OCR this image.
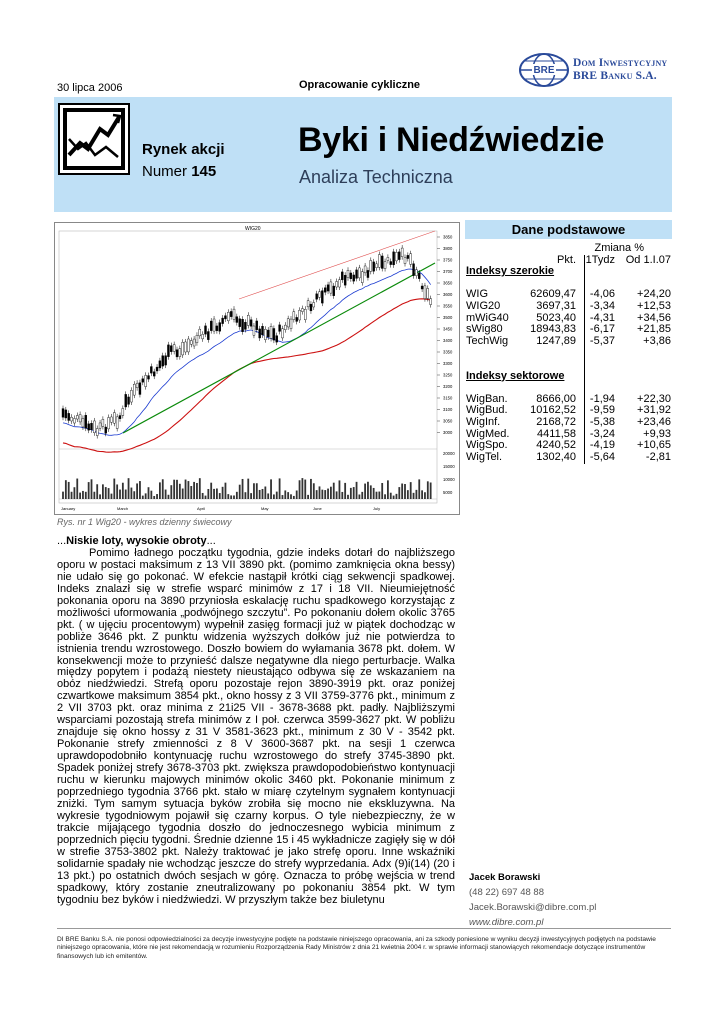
30 lipca 2006	Opracowanie cykliczne
BRE
Dom Inwestycyjny
BRE Banku S.A.
Rynek akcji
Numer 145
Byki i Niedźwiedzie
Analiza Techniczna
WIG20
3850
3800
3750
3700
3650
3600
3550
3500
3450
3400
3350
3300
3250
3200
3150
3100
3050
3000
20000
15000
10000
5000
January	March	April	May	June	July
Rys. nr 1 Wig20 - wykres dzienny świecowy
Dane podstawowe
Zmiana %
Pkt. 1Tydz Od 1.I.07
Indeksy szerokie
WIG	62609,47 -4,06 +24,20
WIG20	3697,31 -3,34 +12,53
mWiG40 5023,40 -4,31 +34,56
sWig80 18943,83 -6,17 +21,85
TechWig	1247,89 -5,37	+3,86
Indeksy sektorowe
WigBan.	8666,00 -1,94 +22,30
WigBud. 10162,52 -9,59 +31,92
WigInf.	2168,72 -5,38 +23,46
WigMed.	4411,58 -3,24	+9,93
WigSpo.	4240,52 -4,19 +10,65
WigTel.	1302,40 -5,64	-2,81
...Niskie loty, wysokie obroty...

Pomimo ładnego początku tygodnia, gdzie indeks dotarł do najbliższego oporu w postaci maksimum z 13 VII 3890 pkt. (pomimo zamknięcia okna bessy) nie udało się go pokonać. W efekcie nastąpił krótki ciąg sekwencji spadkowej. Indeks znalazł się w strefie wsparć minimów z 17 i 18 VII. Nieumiejętność pokonania oporu na 3890 przyniosła eskalację ruchu spadkowego korzystając z możliwości uformowania „podwójnego szczytu”. Po pokonaniu dołem okolic 3765 pkt. ( w ujęciu procentowym) wypełnił zasięg formacji już w piątek dochodząc w pobliże 3646 pkt. Z punktu widzenia wyższych dołków już nie potwierdza to istnienia trendu wzrostowego. Doszło bowiem do wyłamania 3678 pkt. dołem. W konsekwencji może to przynieść dalsze negatywne dla niego perturbacje. Walka między popytem i podażą niestety nieustająco odbywa się ze wskazaniem na obóz niedźwiedzi. Strefą oporu pozostaje rejon 3890-3919 pkt. oraz poniżej czwartkowe maksimum 3854 pkt., okno hossy z 3 VII 3759-3776 pkt., minimum z 2 VII 3703 pkt. oraz minima z 21i25 VII - 3678-3688 pkt. padły. Najbliższymi wsparciami pozostają strefa minimów z I poł. czerwca 3599-3627 pkt. W pobliżu znajduje się okno hossy z 31 V 3581-3623 pkt., minimum z 30 V - 3542 pkt. Pokonanie strefy zmienności z 8 V 3600-3687 pkt. na sesji 1 czerwca uprawdopodobniło kontynuację ruchu wzrostowego do strefy 3745-3890 pkt. Spadek poniżej strefy 3678-3703 pkt. zwiększa prawdopodobieństwo kontynuacji ruchu w kierunku majowych minimów okolic 3460 pkt. Pokonanie minimum z poprzedniego tygodnia 3766 pkt. stało w miarę czytelnym sygnałem kontynuacji zniżki. Tym samym sytuacja byków zrobiła się mocno nie ekskluzywna. Na wykresie tygodniowym pojawił się czarny korpus. O tyle niebezpieczny, że w trakcie mijającego tygodnia doszło do jednoczesnego wybicia minimum z poprzednich pięciu tygodni. Średnie dzienne 15 i 45 wykładnicze zagięły się w dół w strefie 3753-3802 pkt. Należy traktować je jako strefę oporu. Inne wskaźniki solidarnie spadały nie wchodząc jeszcze do strefy wyprzedania. Adx (9)i(14) (20 i 13 pkt.) po ostatnich dwóch sesjach w górę. Oznacza to próbę wejścia w trend spadkowy, który zostanie zneutralizowany po pokonaniu 3854 pkt. W tym tygodniu bez byków i niedźwiedzi. W przyszłym także bez biuletynu

Jacek Borawski
(48 22) 697 48 88
Jacek.Borawski@dibre.com.pl
www.dibre.com.pl
DI BRE Banku S.A. nie ponosi odpowiedzialności za decyzje inwestycyjne podjęte na podstawie niniejszego opracowania, ani za szkody poniesione w wyniku decyzji inwestycyjnych podjętych na podstawie niniejszego opracowania, które nie jest rekomendacją w rozumieniu Rozporządzenia Rady Ministrów z dnia 21 kwietnia 2004 r. w sprawie informacji stanowiących rekomendacje dotyczące instrumentów finansowych lub ich emitentów.
